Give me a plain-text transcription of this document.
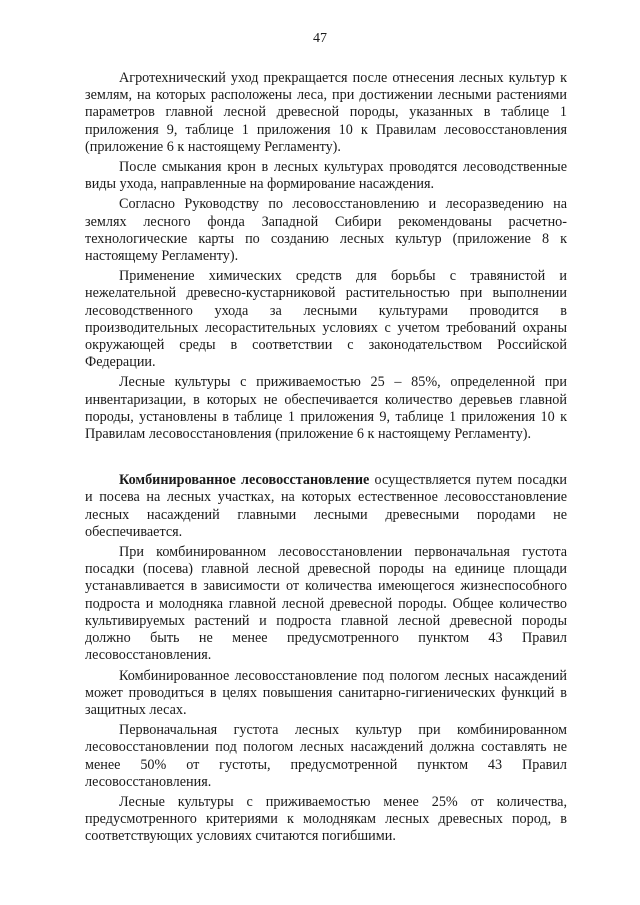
47

Агротехнический уход прекращается после отнесения лесных культур к землям, на которых расположены леса, при достижении лесными растениями параметров главной лесной древесной породы, указанных в таблице 1 приложения 9, таблице 1 приложения 10 к Правилам лесовосстановления (приложение 6 к настоящему Регламенту).

После смыкания крон в лесных культурах проводятся лесоводственные виды ухода, направленные на формирование насаждения.

Согласно Руководству по лесовосстановлению и лесоразведению на землях лесного фонда Западной Сибири рекомендованы расчетно-технологические карты по созданию лесных культур (приложение 8 к настоящему Регламенту).

Применение химических средств для борьбы с травянистой и нежелательной древесно-кустарниковой растительностью при выполнении лесоводственного ухода за лесными культурами проводится в производительных лесорастительных условиях с учетом требований охраны окружающей среды в соответствии с законодательством Российской Федерации.

Лесные культуры с приживаемостью 25 – 85%, определенной при инвентаризации, в которых не обеспечивается количество деревьев главной породы, установлены в таблице 1 приложения 9, таблице 1 приложения 10 к Правилам лесовосстановления (приложение 6 к настоящему Регламенту).

Комбинированное лесовосстановление осуществляется путем посадки и посева на лесных участках, на которых естественное лесовосстановление лесных насаждений главными лесными древесными породами не обеспечивается.

При комбинированном лесовосстановлении первоначальная густота посадки (посева) главной лесной древесной породы на единице площади устанавливается в зависимости от количества имеющегося жизнеспособного подроста и молодняка главной лесной древесной породы. Общее количество культивируемых растений и подроста главной лесной древесной породы должно быть не менее предусмотренного пунктом 43 Правил лесовосстановления.

Комбинированное лесовосстановление под пологом лесных насаждений может проводиться в целях повышения санитарно-гигиенических функций в защитных лесах.

Первоначальная густота лесных культур при комбинированном лесовосстановлении под пологом лесных насаждений должна составлять не менее 50% от густоты, предусмотренной пунктом 43 Правил лесовосстановления.

Лесные культуры с приживаемостью менее 25% от количества, предусмотренного критериями к молоднякам лесных древесных пород, в соответствующих условиях считаются погибшими.
